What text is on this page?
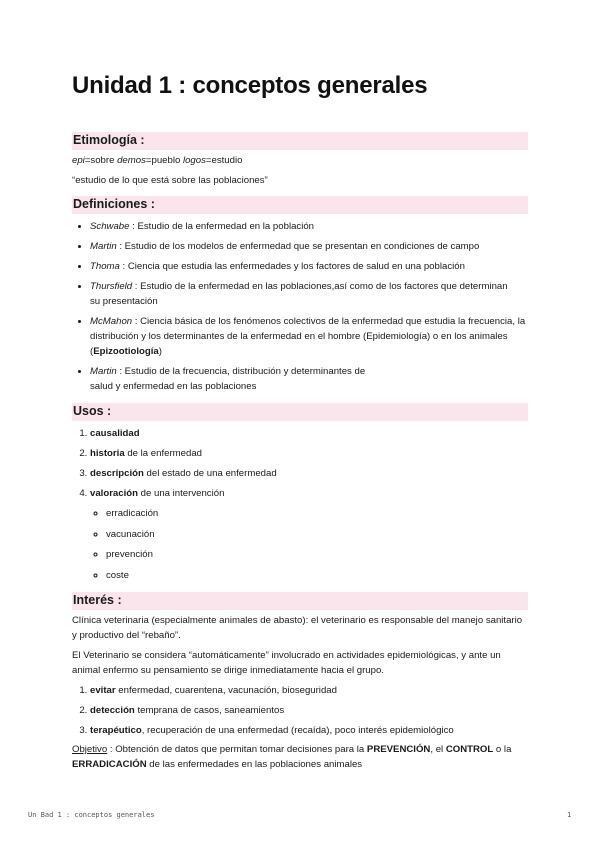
Unidad 1 : conceptos generales
Etimología :

epi=sobre demos=pueblo logos=estudio

“estudio de lo que está sobre las poblaciones”

Definiciones :
• Schwabe : Estudio de la enfermedad en la población
• Martin : Estudio de los modelos de enfermedad que se presentan en condiciones de campo
• Thoma : Ciencia que estudia las enfermedades y los factores de salud en una población
• Thursfield : Estudio de la enfermedad en las poblaciones,así como de los factores que determinan su presentación
• McMahon : Ciencia básica de los fenómenos colectivos de la enfermedad que estudia la frecuencia, la distribución y los determinantes de la enfermedad en el hombre (Epidemiología) o en los animales (Epizootiología)
• Martin : Estudio de la frecuencia, distribución y determinantes de salud y enfermedad en las poblaciones
Usos :
1. causalidad
2. historia de la enfermedad
3. descripción del estado de una enfermedad
4. valoración de una intervención
◦ erradicación
◦ vacunación
◦ prevención
◦ coste
Interés :

Clínica veterinaria (especialmente animales de abasto): el veterinario es responsable del manejo sanitario y productivo del “rebaño”.

El Veterinario se considera “automáticamente” involucrado en actividades epidemiológicas, y ante un animal enfermo su pensamiento se dirige inmediatamente hacia el grupo.

1. evitar enfermedad, cuarentena, vacunación, bioseguridad
2. detección temprana de casos, saneamientos
3. terapéutico, recuperación de una enfermedad (recaída), poco interés epidemiológico

Objetivo : Obtención de datos que permitan tomar decisiones para la PREVENCIÓN, el CONTROL o la ERRADICACIÓN de las enfermedades en las poblaciones animales

Un Bad 1 : conceptos generales	1
